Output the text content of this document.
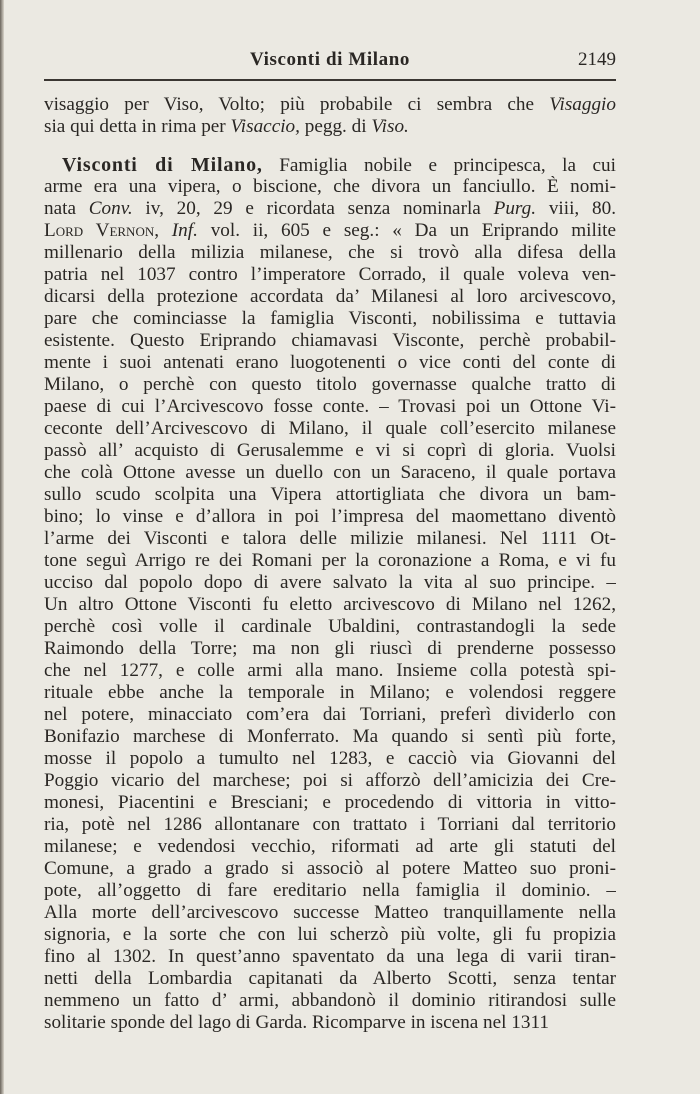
Visconti di Milano	2149
visaggio per Viso, Volto; più probabile ci sembra che Visaggio
sia qui detta in rima per Visaccio, pegg. di Viso.
Visconti di Milano, Famiglia nobile e principesca, la cui
arme era una vipera, o biscione, che divora un fanciullo. È nomi-
nata Conv. iv, 20, 29 e ricordata senza nominarla Purg. viii, 80.
Lord Vernon, Inf. vol. ii, 605 e seg.: « Da un Eriprando milite
millenario della milizia milanese, che si trovò alla difesa della
patria nel 1037 contro l’imperatore Corrado, il quale voleva ven-
dicarsi della protezione accordata da’ Milanesi al loro arcivescovo,
pare che cominciasse la famiglia Visconti, nobilissima e tuttavia
esistente. Questo Eriprando chiamavasi Visconte, perchè probabil-
mente i suoi antenati erano luogotenenti o vice conti del conte di
Milano, o perchè con questo titolo governasse qualche tratto di
paese di cui l’Arcivescovo fosse conte. – Trovasi poi un Ottone Vi-
cecontе dell’Arcivescovo di Milano, il quale coll’esercito milanese
passò all’ acquisto di Gerusalemme e vi si coprì di gloria. Vuolsi
che colà Ottone avesse un duello con un Saraceno, il quale portava
sullo scudo scolpita una Vipera attortigliata che divora un bam-
bino; lo vinse e d’allora in poi l’impresa del maomettano diventò
l’arme dei Visconti e talora delle milizie milanesi. Nel 1111 Ot-
tone seguì Arrigo re dei Romani per la coronazione a Roma, e vi fu
ucciso dal popolo dopo di avere salvato la vita al suo principe. –
Un altro Ottone Visconti fu eletto arcivescovo di Milano nel 1262,
perchè così volle il cardinale Ubaldini, contrastandogli la sede
Raimondo della Torre; ma non gli riuscì di prenderne possesso
che nel 1277, e colle armi alla mano. Insieme colla potestà spi-
rituale ebbe anche la temporale in Milano; e volendosi reggere
nel potere, minacciato com’era dai Torriani, preferì dividerlo con
Bonifazio marchese di Monferrato. Ma quando si sentì più forte,
mosse il popolo a tumulto nel 1283, e cacciò via Giovanni del
Poggio vicario del marchese; poi si afforzò dell’amicizia dei Cre-
monesi, Piacentini e Bresciani; e procedendo di vittoria in vitto-
ria, potè nel 1286 allontanare con trattato i Torriani dal territorio
milanese; e vedendosi vecchio, riformati ad arte gli statuti del
Comune, a grado a grado si associò al potere Matteo suo proni-
pote, all’oggetto di fare ereditario nella famiglia il dominio. –
Alla morte dell’arcivescovo successe Matteo tranquillamente nella
signoria, e la sorte che con lui scherzò più volte, gli fu propizia
fino al 1302. In quest’anno spaventato da una lega di varii tiran-
netti della Lombardia capitanati da Alberto Scotti, senza tentar
nemmeno un fatto d’ armi, abbandonò il dominio ritirandosi sulle
solitarie sponde del lago di Garda. Ricomparve in iscena nel 1311
